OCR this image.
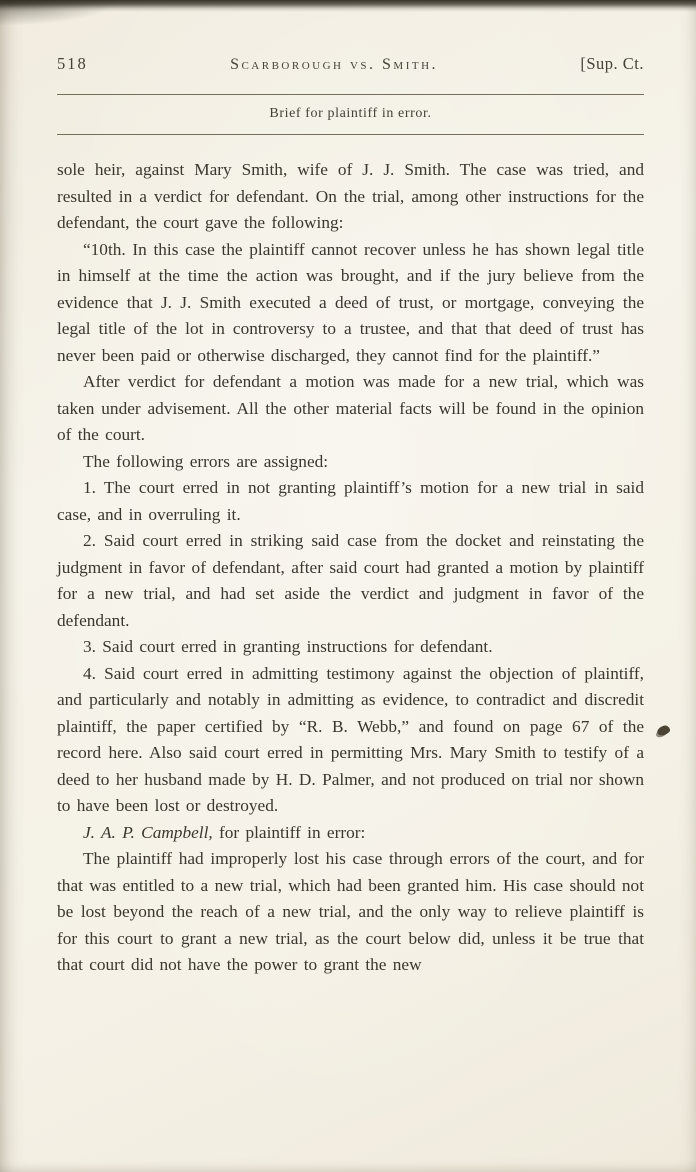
518	Scarborough vs. Smith.	[Sup. Ct.
Brief for plaintiff in error.

sole heir, against Mary Smith, wife of J. J. Smith. The case was tried, and resulted in a verdict for defendant. On the trial, among other instructions for the defendant, the court gave the following:

“10th. In this case the plaintiff cannot recover unless he has shown legal title in himself at the time the action was brought, and if the jury believe from the evidence that J. J. Smith executed a deed of trust, or mortgage, conveying the legal title of the lot in controversy to a trustee, and that that deed of trust has never been paid or otherwise discharged, they cannot find for the plaintiff.”

After verdict for defendant a motion was made for a new trial, which was taken under advisement. All the other material facts will be found in the opinion of the court.

The following errors are assigned:

1. The court erred in not granting plaintiff’s motion for a new trial in said case, and in overruling it.

2. Said court erred in striking said case from the docket and reinstating the judgment in favor of defendant, after said court had granted a motion by plaintiff for a new trial, and had set aside the verdict and judgment in favor of the defendant.

3. Said court erred in granting instructions for defendant.

4. Said court erred in admitting testimony against the objection of plaintiff, and particularly and notably in admitting as evidence, to contradict and discredit plaintiff, the paper certified by “R. B. Webb,” and found on page 67 of the record here. Also said court erred in permitting Mrs. Mary Smith to testify of a deed to her husband made by H. D. Palmer, and not produced on trial nor shown to have been lost or destroyed.

J. A. P. Campbell, for plaintiff in error:

The plaintiff had improperly lost his case through errors of the court, and for that was entitled to a new trial, which had been granted him. His case should not be lost beyond the reach of a new trial, and the only way to relieve plaintiff is for this court to grant a new trial, as the court below did, unless it be true that that court did not have the power to grant the new
